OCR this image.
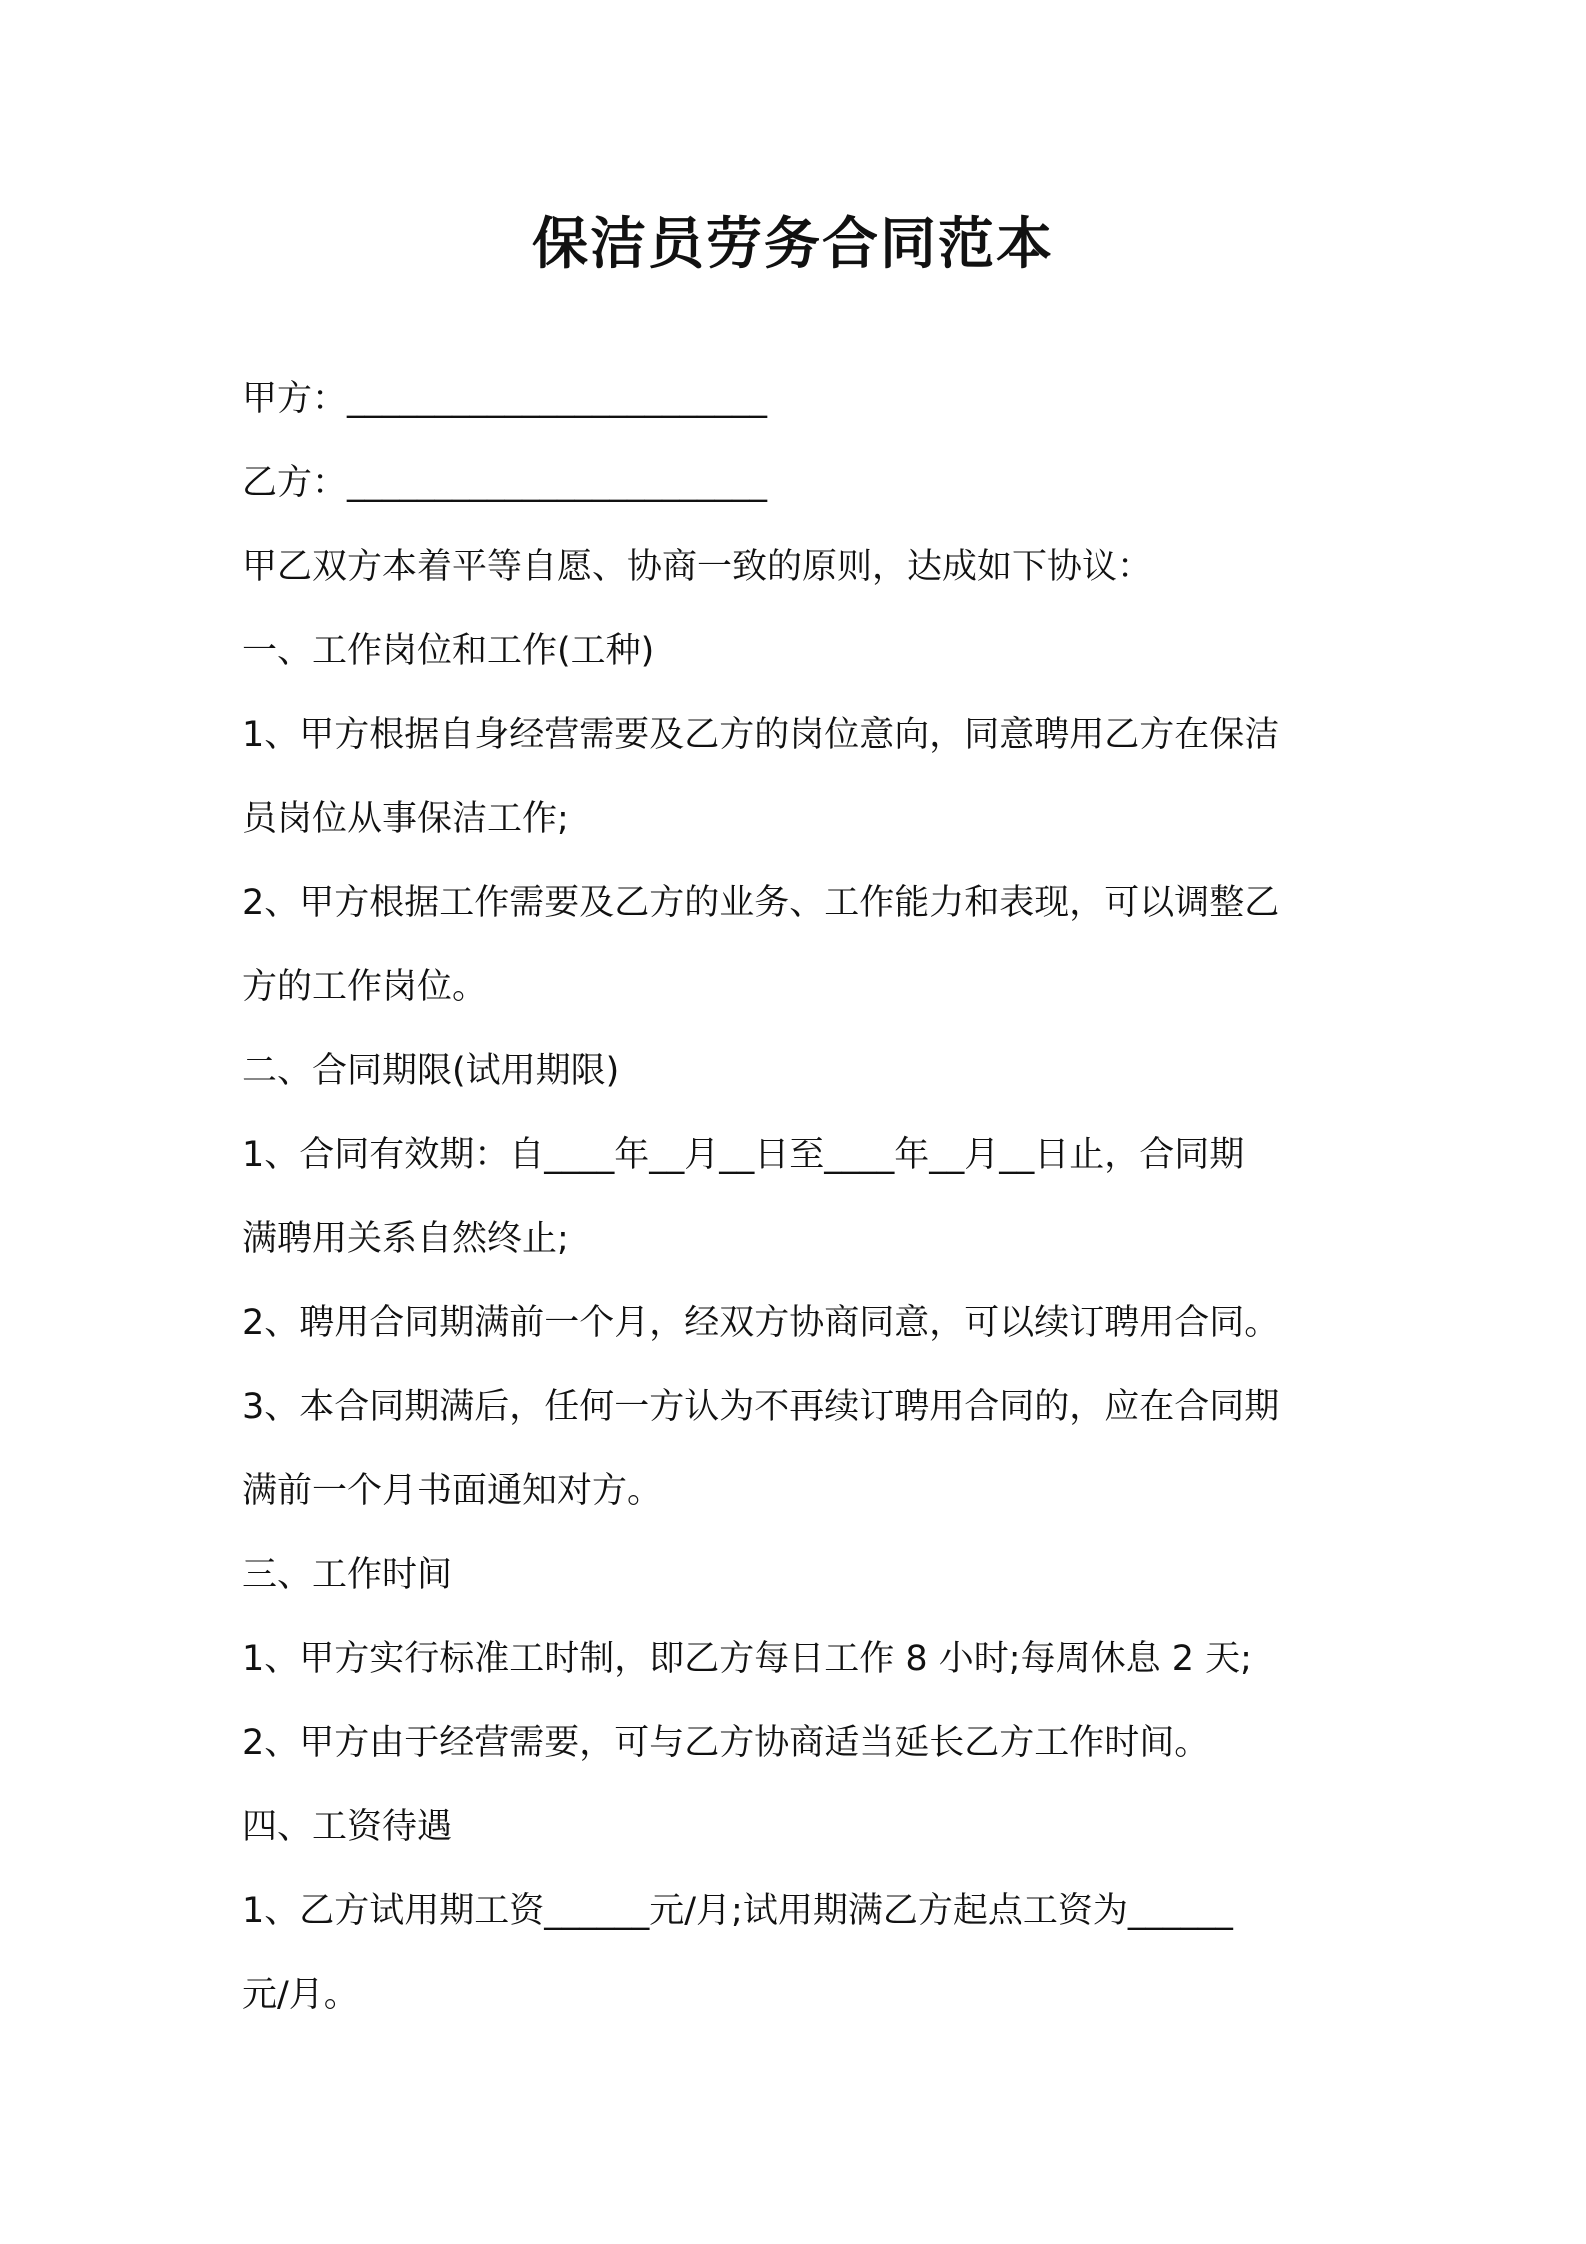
保洁员劳务合同范本
甲方：________________________
乙方：________________________
甲乙双方本着平等自愿、协商一致的原则，达成如下协议：
一、工作岗位和工作(工种)
1、甲方根据自身经营需要及乙方的岗位意向，同意聘用乙方在保洁
员岗位从事保洁工作;
2、甲方根据工作需要及乙方的业务、工作能力和表现，可以调整乙
方的工作岗位。
二、合同期限(试用期限)
1、合同有效期：自____年__月__日至____年__月__日止，合同期
满聘用关系自然终止;
2、聘用合同期满前一个月，经双方协商同意，可以续订聘用合同。
3、本合同期满后，任何一方认为不再续订聘用合同的，应在合同期
满前一个月书面通知对方。
三、工作时间
1、甲方实行标准工时制，即乙方每日工作 8 小时;每周休息 2 天;
2、甲方由于经营需要，可与乙方协商适当延长乙方工作时间。
四、工资待遇
1、乙方试用期工资______元/月;试用期满乙方起点工资为______
元/月。
